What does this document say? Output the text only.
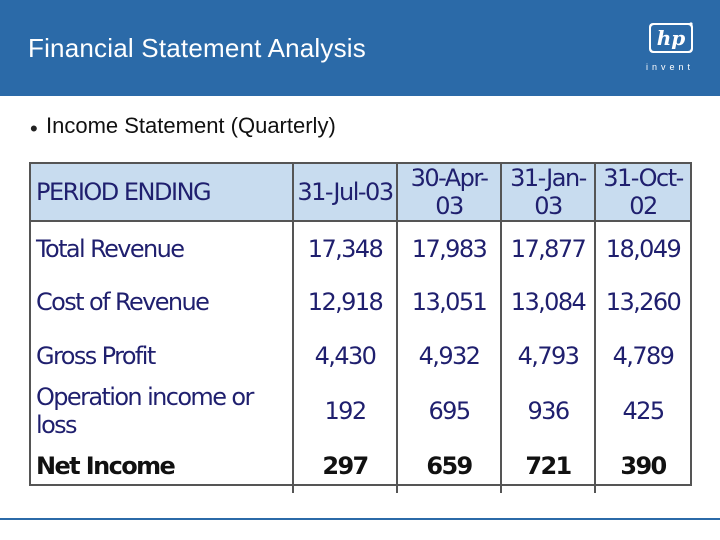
Financial Statement Analysis	hp
invent
• Income Statement (Quarterly)
PERIOD ENDING	31-Jul-03	30-Apr-03	31-Jan-03	31-Oct-02
Total Revenue	17,348	17,983	17,877	18,049
Cost of Revenue	12,918	13,051	13,084	13,260
Gross Profit	4,430	4,932	4,793	4,789
Operation income or loss	192	695	936	425
Net Income	297	659	721	390
